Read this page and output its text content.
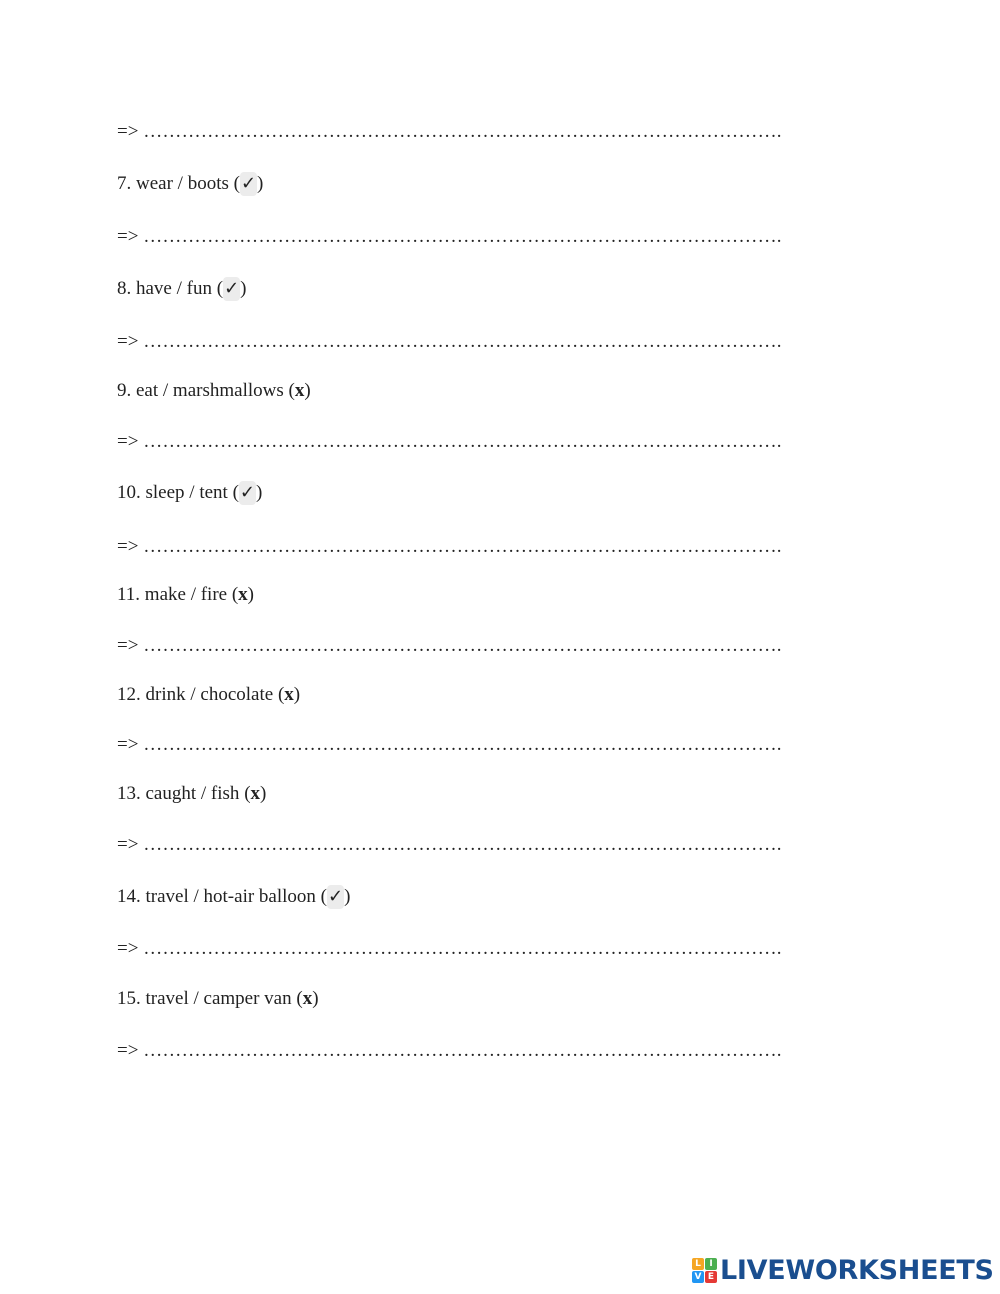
=> ……………………………………………………………………………………….
7. wear / boots (✓)
=> ……………………………………………………………………………………….
8. have / fun (✓)
=> ……………………………………………………………………………………….
9. eat / marshmallows (x)
=> ……………………………………………………………………………………….
10. sleep / tent (✓)
=> ……………………………………………………………………………………….
11. make / fire (x)
=> ……………………………………………………………………………………….
12. drink / chocolate (x)
=> ……………………………………………………………………………………….
13. caught / fish (x)
=> ……………………………………………………………………………………….
14. travel / hot-air balloon (✓)
=> ……………………………………………………………………………………….
15. travel / camper van (x)
=> ……………………………………………………………………………………….
L I
V E LIVEWORKSHEETS
